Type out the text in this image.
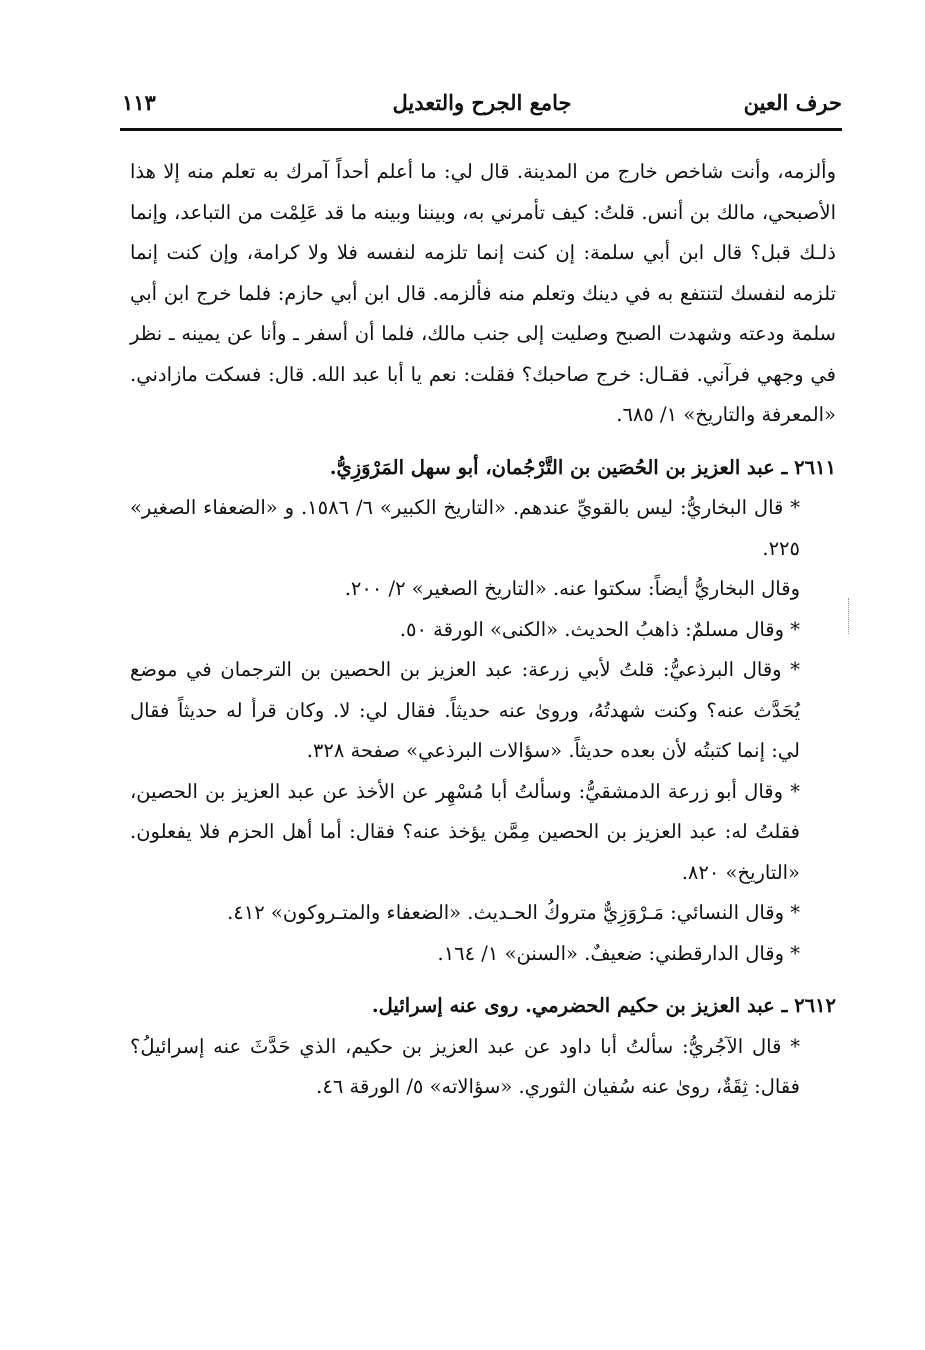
حرف العين
جامع الجرح والتعديل
١١٣

وألزمه، وأنت شاخص خارج من المدينة. قال لي: ما أعلم أحداً آمرك به تعلم منه إلا هذا الأصبحي، مالك بن أنس. قلتُ: كيف تأمرني به، وبيننا وبينه ما قد عَلِمْت من التباعد، وإنما ذلـك قبل؟ قال ابن أبي سلمة: إن كنت إنما تلزمه لنفسه فلا ولا كرامة، وإن كنت إنما تلزمه لنفسك لتنتفع به في دينك وتعلم منه فألزمه. قال ابن أبي حازم: فلما خرج ابن أبي سلمة ودعته وشهدت الصبح وصليت إلى جنب مالك، فلما أن أسفر ـ وأنا عن يمينه ـ نظر في وجهي فرآني. فقـال: خرج صاحبك؟ فقلت: نعم يا أبا عبد الله. قال: فسكت مازادني. «المعرفة والتاريخ» ١/ ٦٨٥.

٢٦١١ ـ عبد العزيز بن الحُصَين بن التَّرْجُمان، أبو سهل المَرْوَزِيُّ.

* قال البخاريُّ: ليس بالقويِّ عندهم. «التاريخ الكبير» ٦/ ١٥٨٦. و «الضعفاء الصغير» ٢٢٥.

وقال البخاريُّ أيضاً: سكتوا عنه. «التاريخ الصغير» ٢/ ٢٠٠.

* وقال مسلمٌ: ذاهبُ الحديث. «الكنى» الورقة ٥٠.

* وقال البرذعيُّ: قلتُ لأبي زرعة: عبد العزيز بن الحصين بن الترجمان في موضع يُحَدَّث عنه؟ وكنت شهدتُهُ، وروىٰ عنه حديثاً. فقال لي: لا. وكان قرأ له حديثاً فقال لي: إنما كتبتُه لأن بعده حديثاً. «سؤالات البرذعي» صفحة ٣٢٨.

* وقال أبو زرعة الدمشقيُّ: وسألتُ أبا مُسْهِر عن الأخذ عن عبد العزيز بن الحصين، فقلتُ له: عبد العزيز بن الحصين مِمَّن يؤخذ عنه؟ فقال: أما أهل الحزم فلا يفعلون. «التاريخ» ٨٢٠.

* وقال النسائي: مَـرْوَزِيٌّ متروكُ الحـديث. «الضعفاء والمتـروكون» ٤١٢.

* وقال الدارقطني: ضعيفٌ. «السنن» ١/ ١٦٤.

٢٦١٢ ـ عبد العزيز بن حكيم الحضرمي. روى عنه إسرائيل.

* قال الآجُريُّ: سألتُ أبا داود عن عبد العزيز بن حكيم، الذي حَدَّثَ عنه إسرائيلُ؟ فقال: ثِقَةٌ، روىٰ عنه سُفيان الثوري. «سؤالاته» ٥/ الورقة ٤٦.
